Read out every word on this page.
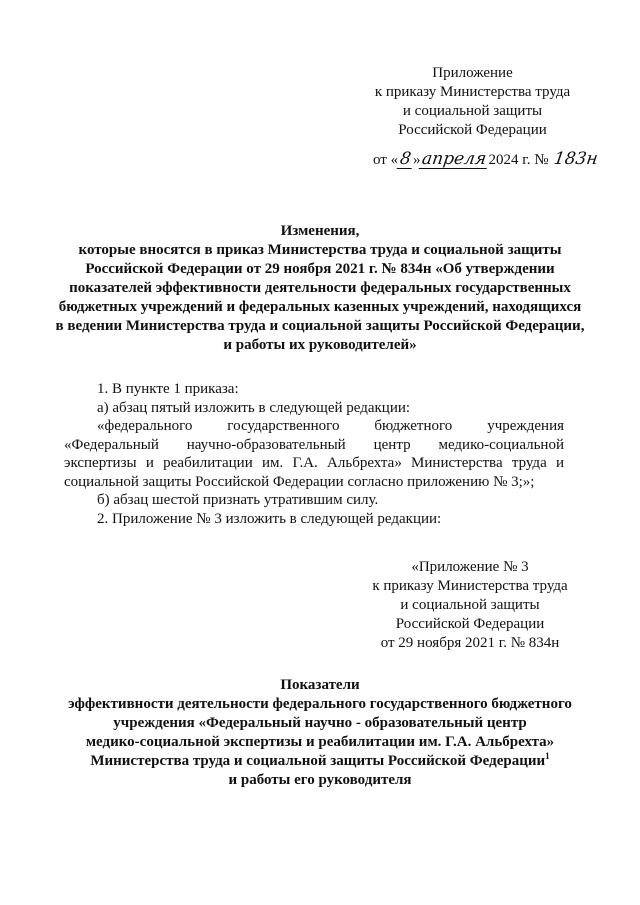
Приложение
к приказу Министерства труда
и социальной защиты
Российской Федерации
от «8»апреля2024 г. № 183н
Изменения,
которые вносятся в приказ Министерства труда и социальной защиты
Российской Федерации от 29 ноября 2021 г. № 834н «Об утверждении
показателей эффективности деятельности федеральных государственных
бюджетных учреждений и федеральных казенных учреждений, находящихся
в ведении Министерства труда и социальной защиты Российской Федерации,
и работы их руководителей»

1. В пункте 1 приказа:

а) абзац пятый изложить в следующей редакции:

«федерального государственного бюджетного учреждения «Федеральный научно-образовательный центр медико-социальной экспертизы и реабилитации им. Г.А. Альбрехта» Министерства труда и социальной защиты Российской Федерации согласно приложению № 3;»;

б) абзац шестой признать утратившим силу.

2. Приложение № 3 изложить в следующей редакции:

«Приложение № 3
к приказу Министерства труда
и социальной защиты
Российской Федерации
от 29 ноября 2021 г. № 834н
Показатели
эффективности деятельности федерального государственного бюджетного
учреждения «Федеральный научно - образовательный центр
медико-социальной экспертизы и реабилитации им. Г.А. Альбрехта»
Министерства труда и социальной защиты Российской Федерации$^1$
и работы его руководителя
